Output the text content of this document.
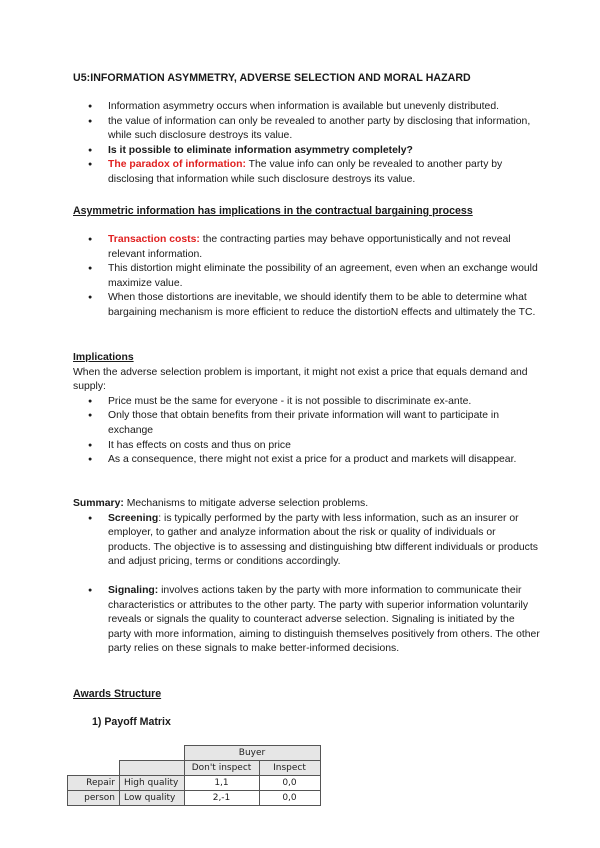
U5:INFORMATION ASYMMETRY, ADVERSE SELECTION AND MORAL HAZARD
● Information asymmetry occurs when information is available but unevenly distributed.
● the value of information can only be revealed to another party by disclosing that information, while such disclosure destroys its value.
● Is it possible to eliminate information asymmetry completely?
● The paradox of information: The value info can only be revealed to another party by disclosing that information while such disclosure destroys its value.
Asymmetric information has implications in the contractual bargaining process
● Transaction costs: the contracting parties may behave opportunistically and not reveal relevant information.
● This distortion might eliminate the possibility of an agreement, even when an exchange would maximize value.
● When those distortions are inevitable, we should identify them to be able to determine what bargaining mechanism is more efficient to reduce the distortioN effects and ultimately the TC.
Implications
When the adverse selection problem is important, it might not exist a price that equals demand and supply:
● Price must be the same for everyone - it is not possible to discriminate ex-ante.
● Only those that obtain benefits from their private information will want to participate in exchange
● It has effects on costs and thus on price
● As a consequence, there might not exist a price for a product and markets will disappear.
Summary: Mechanisms to mitigate adverse selection problems.
● Screening: is typically performed by the party with less information, such as an insurer or employer, to gather and analyze information about the risk or quality of individuals or products. The objective is to assessing and distinguishing btw different individuals or products and adjust pricing, terms or conditions accordingly.
● Signaling: involves actions taken by the party with more information to communicate their characteristics or attributes to the other party. The party with superior information voluntarily reveals or signals the quality to counteract adverse selection. Signaling is initiated by the party with more information, aiming to distinguish themselves positively from others. The other party relies on these signals to make better-informed decisions.
Awards Structure
1) Payoff Matrix
		Buyer	
		Don't inspect	Inspect
Repair	High quality	1,1	0,0
person	Low quality	2,-1	0,0
